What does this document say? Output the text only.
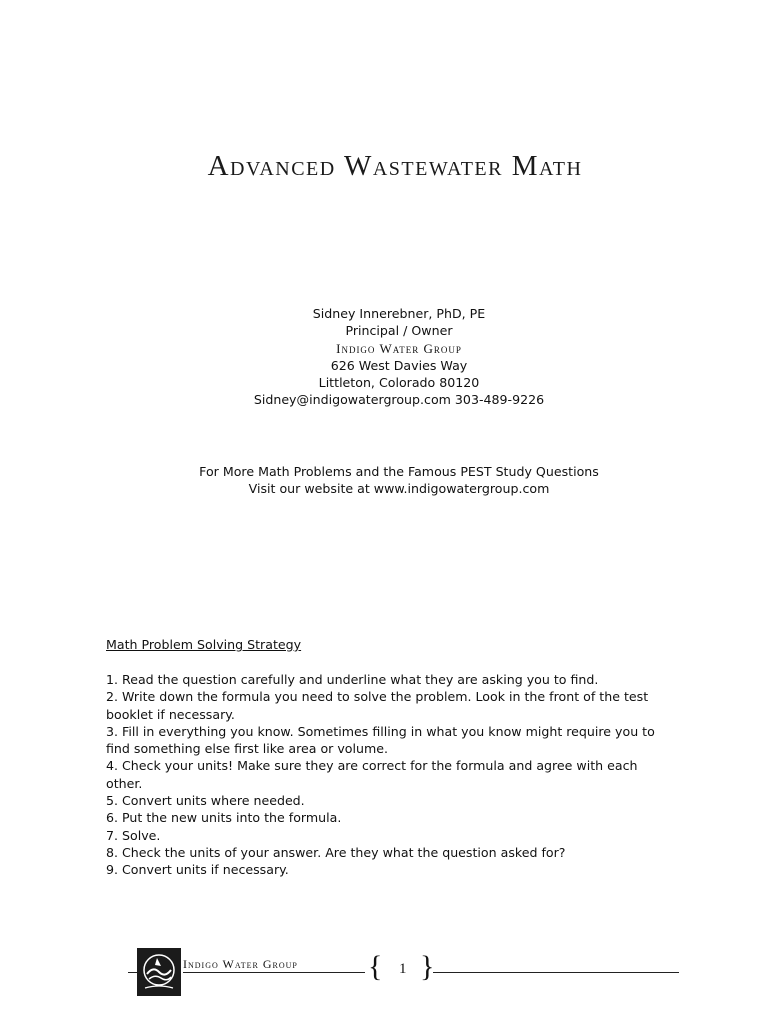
Advanced Wastewater Math
Sidney Innerebner, PhD, PE
Principal / Owner
Indigo Water Group
626 West Davies Way
Littleton, Colorado 80120
Sidney@indigowatergroup.com 303-489-9226
For More Math Problems and the Famous PEST Study Questions
Visit our website at www.indigowatergroup.com
Math Problem Solving Strategy
1. Read the question carefully and underline what they are asking you to find.
2. Write down the formula you need to solve the problem. Look in the front of the test booklet if necessary.
3. Fill in everything you know. Sometimes filling in what you know might require you to find something else first like area or volume.
4. Check your units! Make sure they are correct for the formula and agree with each other.
5. Convert units where needed.
6. Put the new units into the formula.
7. Solve.
8. Check the units of your answer. Are they what the question asked for?
9. Convert units if necessary.
Indigo Water Group { 1 }
